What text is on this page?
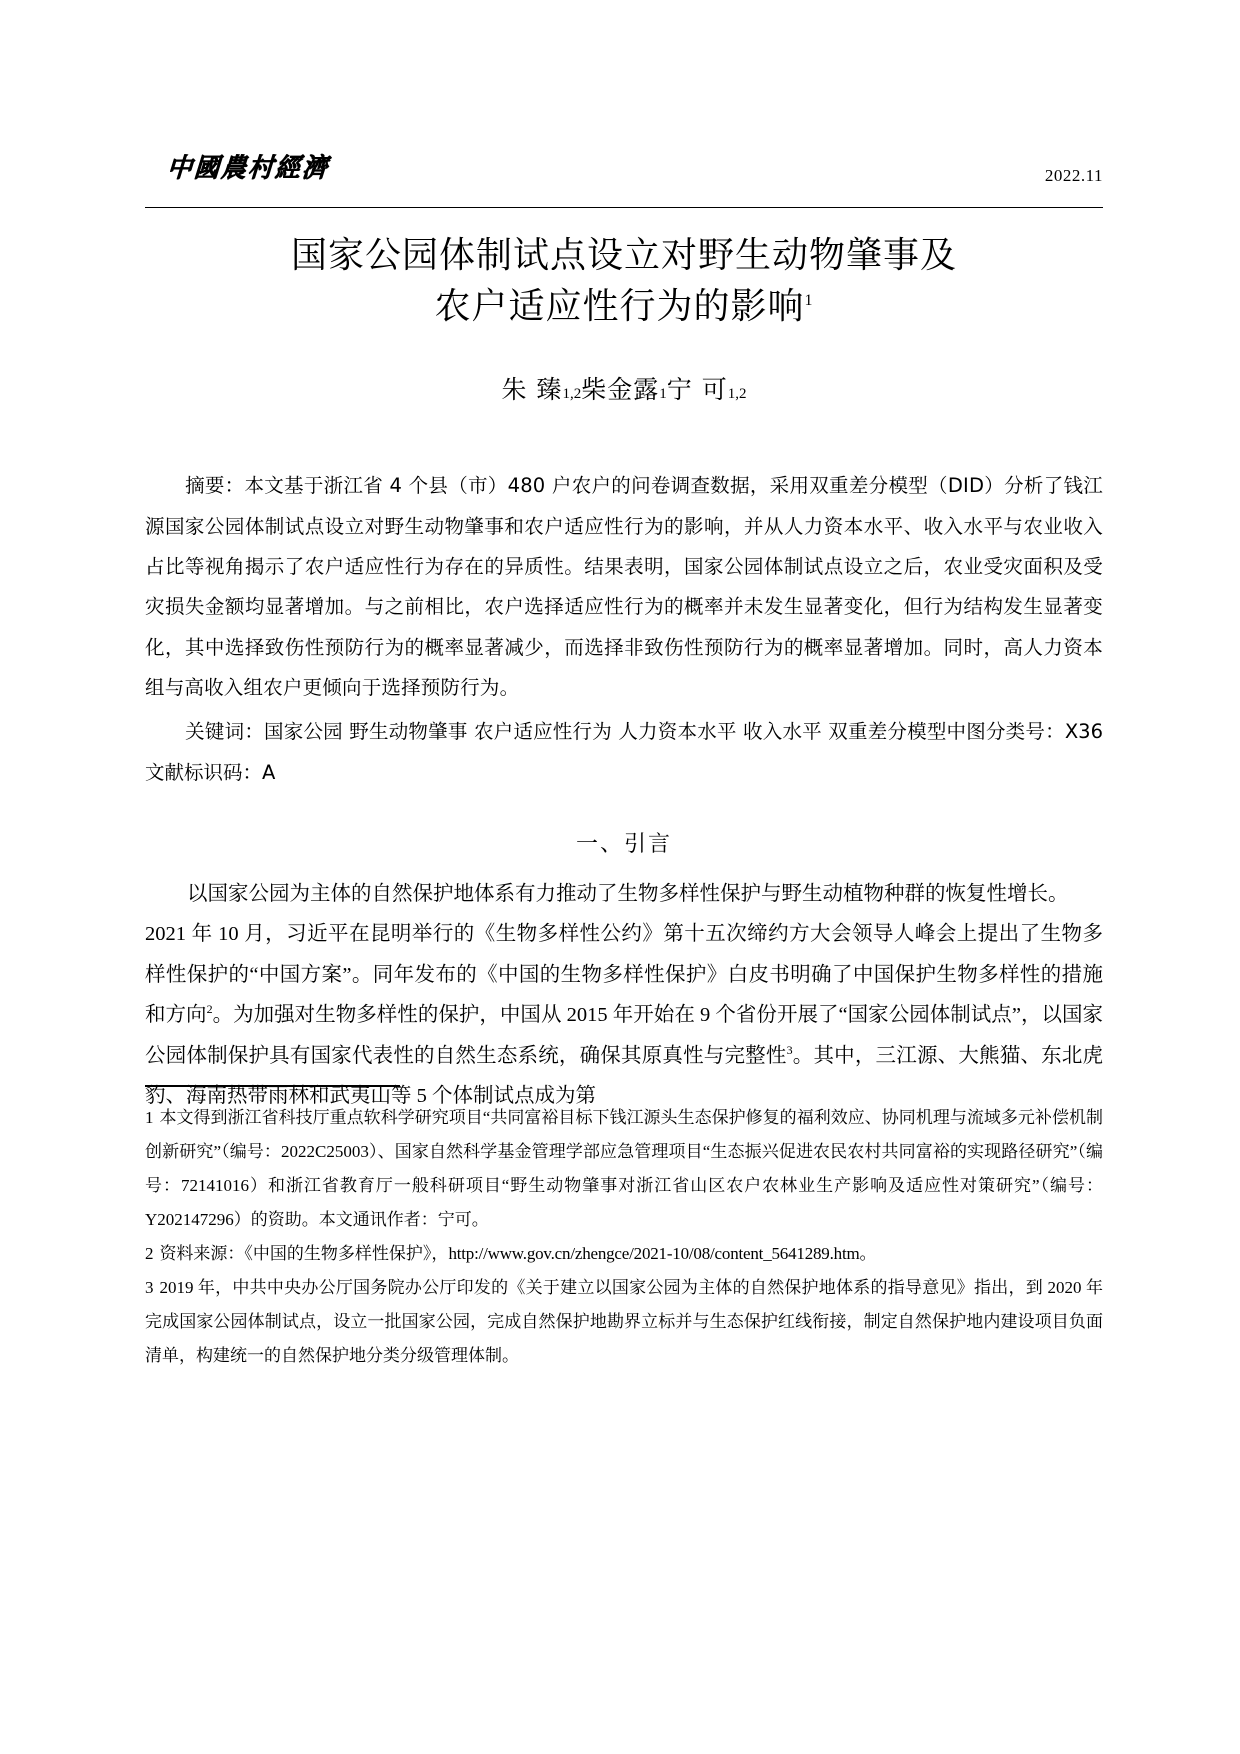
中國農村經濟	2022.11
国家公园体制试点设立对野生动物肇事及
农户适应性行为的影响$^1$
朱 臻1,2柴金露1宁 可1,2
摘要：本文基于浙江省 4 个县（市）480 户农户的问卷调查数据，采用双重差分模型（DID）分析了钱江源国家公园体制试点设立对野生动物肇事和农户适应性行为的影响，并从人力资本水平、收入水平与农业收入占比等视角揭示了农户适应性行为存在的异质性。结果表明，国家公园体制试点设立之后，农业受灾面积及受灾损失金额均显著增加。与之前相比，农户选择适应性行为的概率并未发生显著变化，但行为结构发生显著变化，其中选择致伤性预防行为的概率显著减少，而选择非致伤性预防行为的概率显著增加。同时，高人力资本组与高收入组农户更倾向于选择预防行为。
关键词：国家公园 野生动物肇事 农户适应性行为 人力资本水平 收入水平 双重差分模型中图分类号：X36 文献标识码：A
一、引言

以国家公园为主体的自然保护地体系有力推动了生物多样性保护与野生动植物种群的恢复性增长。

2021 年 10 月，习近平在昆明举行的《生物多样性公约》第十五次缔约方大会领导人峰会上提出了生物多样性保护的“中国方案”。同年发布的《中国的生物多样性保护》白皮书明确了中国保护生物多样性的措施和方向$^2$。为加强对生物多样性的保护，中国从 2015 年开始在 9 个省份开展了“国家公园体制试点”，以国家公园体制保护具有国家代表性的自然生态系统，确保其原真性与完整性$^3$。其中，三江源、大熊猫、东北虎豹、海南热带雨林和武夷山等 5 个体制试点成为第

1 本文得到浙江省科技厅重点软科学研究项目“共同富裕目标下钱江源头生态保护修复的福利效应、协同机理与流域多元补偿机制创新研究”（编号：2022C25003）、国家自然科学基金管理学部应急管理项目“生态振兴促进农民农村共同富裕的实现路径研究”（编号：72141016）和浙江省教育厅一般科研项目“野生动物肇事对浙江省山区农户农林业生产影响及适应性对策研究”（编号：Y202147296）的资助。本文通讯作者：宁可。

2 资料来源：《中国的生物多样性保护》，http://www.gov.cn/zhengce/2021-10/08/content_5641289.htm。

3 2019 年，中共中央办公厅国务院办公厅印发的《关于建立以国家公园为主体的自然保护地体系的指导意见》指出，到 2020 年完成国家公园体制试点，设立一批国家公园，完成自然保护地勘界立标并与生态保护红线衔接，制定自然保护地内建设项目负面清单，构建统一的自然保护地分类分级管理体制。
